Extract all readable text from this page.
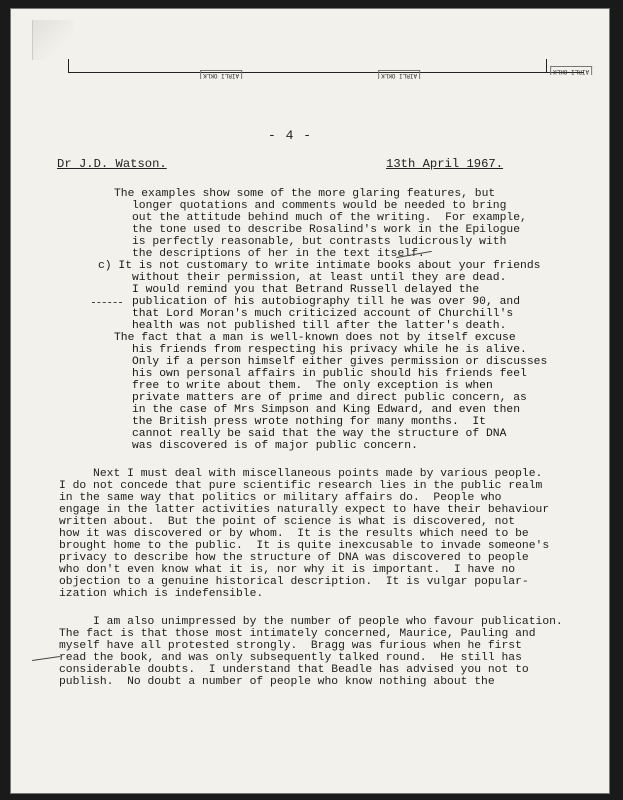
AIRLI OKLK	AIRLI OKLK
AIRLI OKLK
- 4 -
Dr J.D. Watson.	13th April 1967.
The examples show some of the more glaring features, but
longer quotations and comments would be needed to bring
out the attitude behind much of the writing.  For example,
the tone used to describe Rosalind's work in the Epilogue
is perfectly reasonable, but contrasts ludicrously with
the descriptions of her in the text itself.
c) It is not customary to write intimate books about your friends
without their permission, at least until they are dead.
I would remind you that Betrand Russell delayed the
publication of his autobiography till he was over 90, and
that Lord Moran's much criticized account of Churchill's
health was not published till after the latter's death.
The fact that a man is well-known does not by itself excuse
his friends from respecting his privacy while he is alive.
Only if a person himself either gives permission or discusses
his own personal affairs in public should his friends feel
free to write about them.  The only exception is when
private matters are of prime and direct public concern, as
in the case of Mrs Simpson and King Edward, and even then
the British press wrote nothing for many months.  It
cannot really be said that the way the structure of DNA
was discovered is of major public concern.
Next I must deal with miscellaneous points made by various people.
I do not concede that pure scientific research lies in the public realm
in the same way that politics or military affairs do.  People who
engage in the latter activities naturally expect to have their behaviour
written about.  But the point of science is what is discovered, not
how it was discovered or by whom.  It is the results which need to be
brought home to the public.  It is quite inexcusable to invade someone's
privacy to describe how the structure of DNA was discovered to people
who don't even know what it is, nor why it is important.  I have no
objection to a genuine historical description.  It is vulgar popular-
ization which is indefensible.
I am also unimpressed by the number of people who favour publication.
The fact is that those most intimately concerned, Maurice, Pauling and
myself have all protested strongly.  Bragg was furious when he first
read the book, and was only subsequently talked round.  He still has
considerable doubts.  I understand that Beadle has advised you not to
publish.  No doubt a number of people who know nothing about the
